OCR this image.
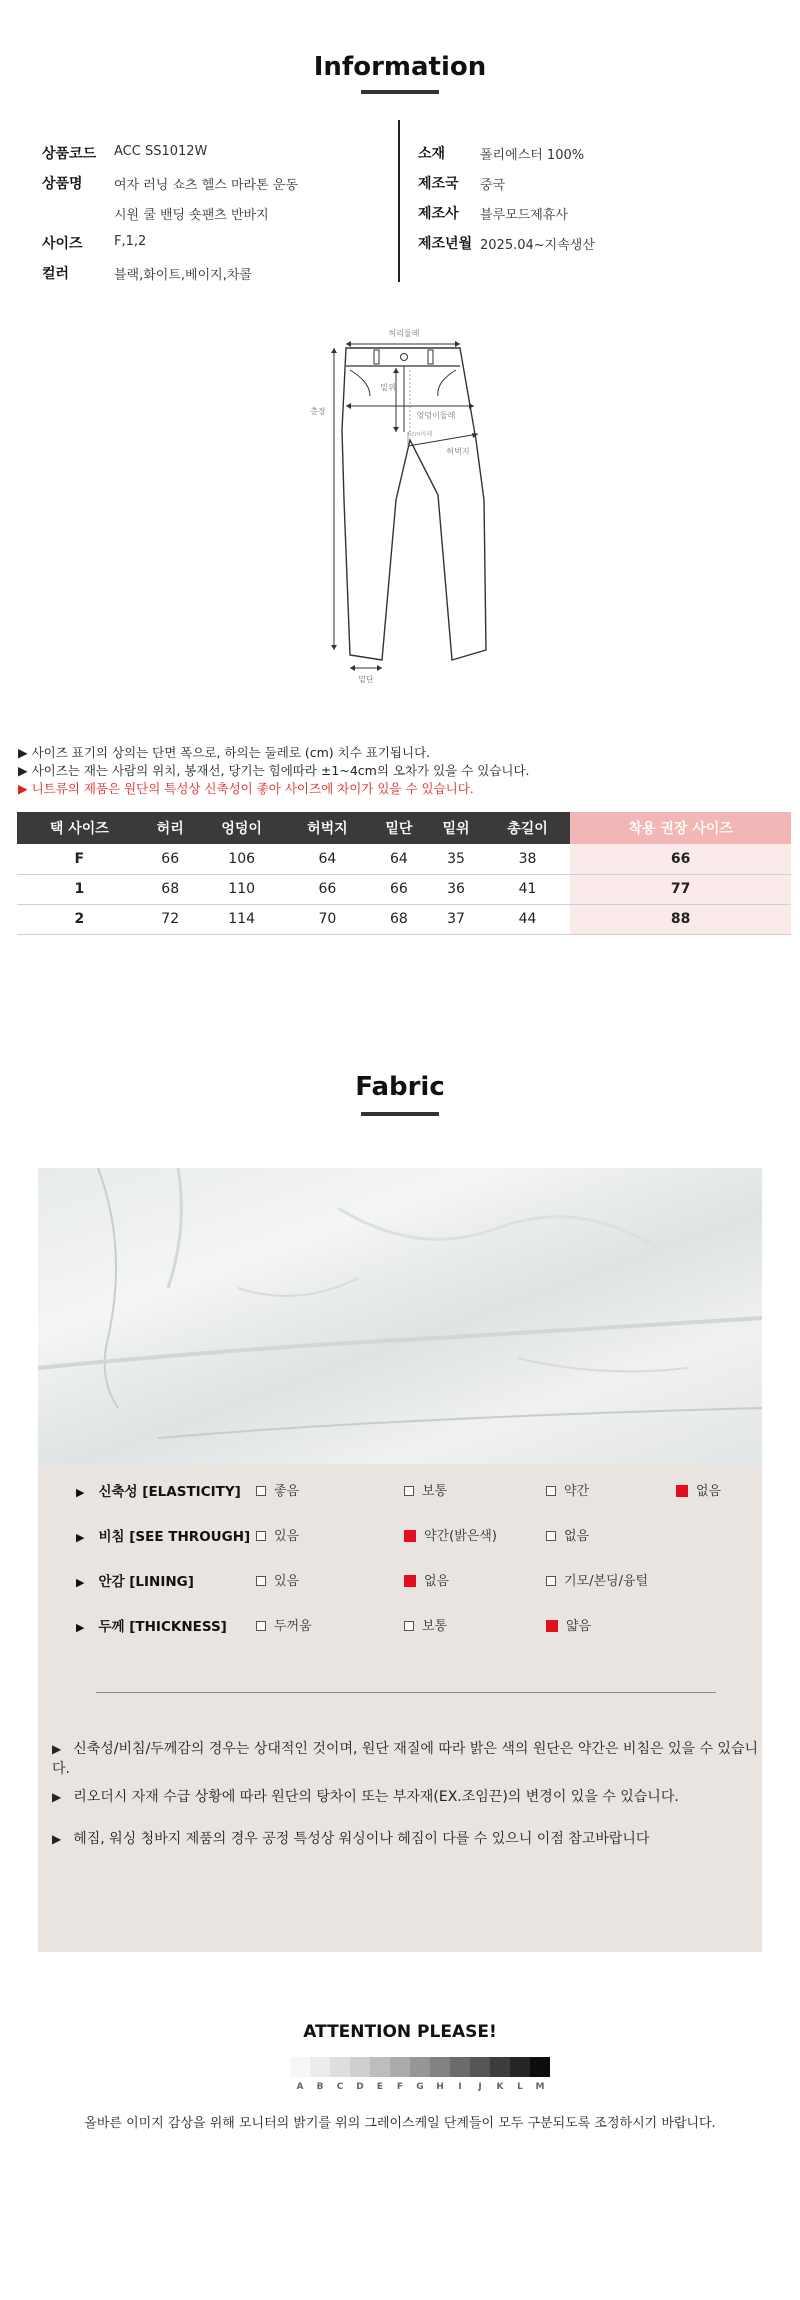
Information
상품코드 ACC SS1012W
상품명 여자 러닝 쇼츠 헬스 마라톤 운동
시원 쿨 밴딩 숏팬츠 반바지
사이즈 F,1,2
컬러	블랙,화이트,베이지,차콜
소재	폴리에스터 100%
제조국 중국
제조사 블루모드제휴사
제조년월 2025.04~지속생산
허리둘레
밑위
엉덩이둘레
허벅지
5cm아래
총장
밑단
▶ 사이즈 표기의 상의는 단면 폭으로, 하의는 둘레로 (cm) 치수 표기됩니다.
▶ 사이즈는 재는 사람의 위치, 봉재선, 당기는 힘에따라 ±1~4cm의 오차가 있을 수 있습니다.
▶ 니트류의 제품은 원단의 특성상 신축성이 좋아 사이즈에 차이가 있을 수 있습니다.
택 사이즈	허리	엉덩이	허벅지	밑단	밑위	총길이	착용 권장 사이즈
F	66	106	64	64	35	38	66
1	68	110	66	66	36	41	77
2	72	114	70	68	37	44	88
Fabric
▶ 신축성 [ELASTICITY]	좋음	보통	약간	없음
▶ 비침 [SEE THROUGH]	있음	약간(밝은색)	없음
▶ 안감 [LINING]	있음	없음	기모/본딩/융털
▶ 두께 [THICKNESS]	두꺼움	보통	얇음
▶ 신축성/비침/두께감의 경우는 상대적인 것이며, 원단 재질에 따라 밝은 색의 원단은 약간은 비침은 있을 수 있습니다.
▶ 리오더시 자재 수급 상황에 따라 원단의 탕차이 또는 부자재(EX.조임끈)의 변경이 있을 수 있습니다.
▶ 헤짐, 워싱 청바지 제품의 경우 공정 특성상 워싱이나 헤짐이 다를 수 있으니 이점 참고바랍니다
ATTENTION PLEASE!
A	B	C	D	E	F	G	H	I	J	K	L	M
올바른 이미지 감상을 위해 모니터의 밝기를 위의 그레이스케일 단계들이 모두 구분되도록 조정하시기 바랍니다.
